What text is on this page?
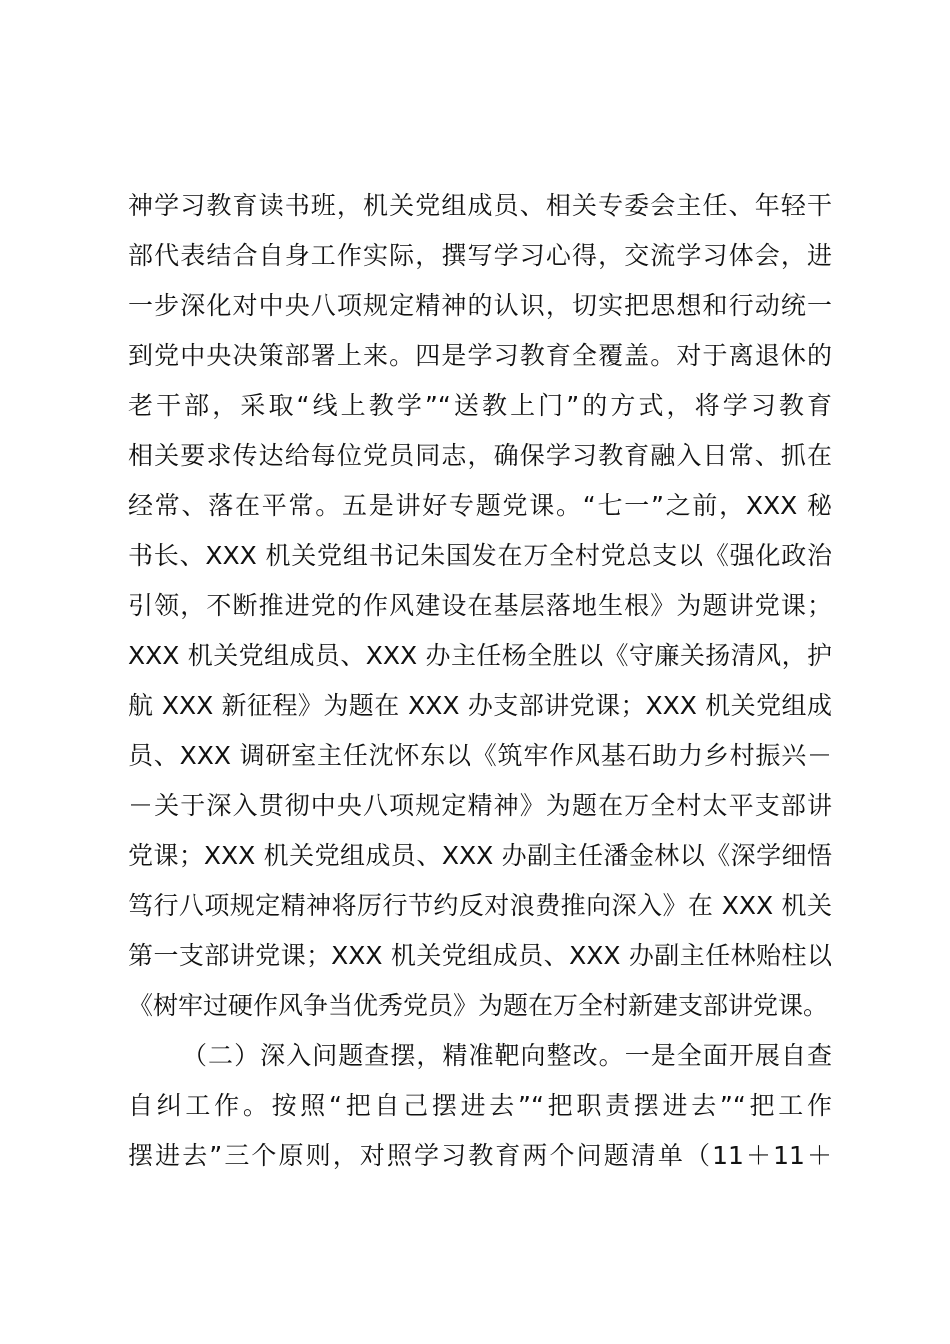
神学习教育读书班，机关党组成员、相关专委会主任、年轻干
部代表结合自身工作实际，撰写学习心得，交流学习体会，进
一步深化对中央八项规定精神的认识，切实把思想和行动统一
到党中央决策部署上来。四是学习教育全覆盖。对于离退休的
老干部，采取“线上教学”“送教上门”的方式，将学习教育
相关要求传达给每位党员同志，确保学习教育融入日常、抓在
经常、落在平常。五是讲好专题党课。“七一”之前，XXX 秘
书长、XXX 机关党组书记朱国发在万全村党总支以《强化政治
引领，不断推进党的作风建设在基层落地生根》为题讲党课；
XXX 机关党组成员、XXX 办主任杨全胜以《守廉关扬清风，护
航 XXX 新征程》为题在 XXX 办支部讲党课；XXX 机关党组成
员、XXX 调研室主任沈怀东以《筑牢作风基石助力乡村振兴－
－关于深入贯彻中央八项规定精神》为题在万全村太平支部讲
党课；XXX 机关党组成员、XXX 办副主任潘金林以《深学细悟
笃行八项规定精神将厉行节约反对浪费推向深入》在 XXX 机关
第一支部讲党课；XXX 机关党组成员、XXX 办副主任林贻柱以
《树牢过硬作风争当优秀党员》为题在万全村新建支部讲党课。
（二）深入问题查摆，精准靶向整改。一是全面开展自查
自纠工作。按照“把自己摆进去”“把职责摆进去”“把工作
摆进去”三个原则，对照学习教育两个问题清单（11＋11＋
